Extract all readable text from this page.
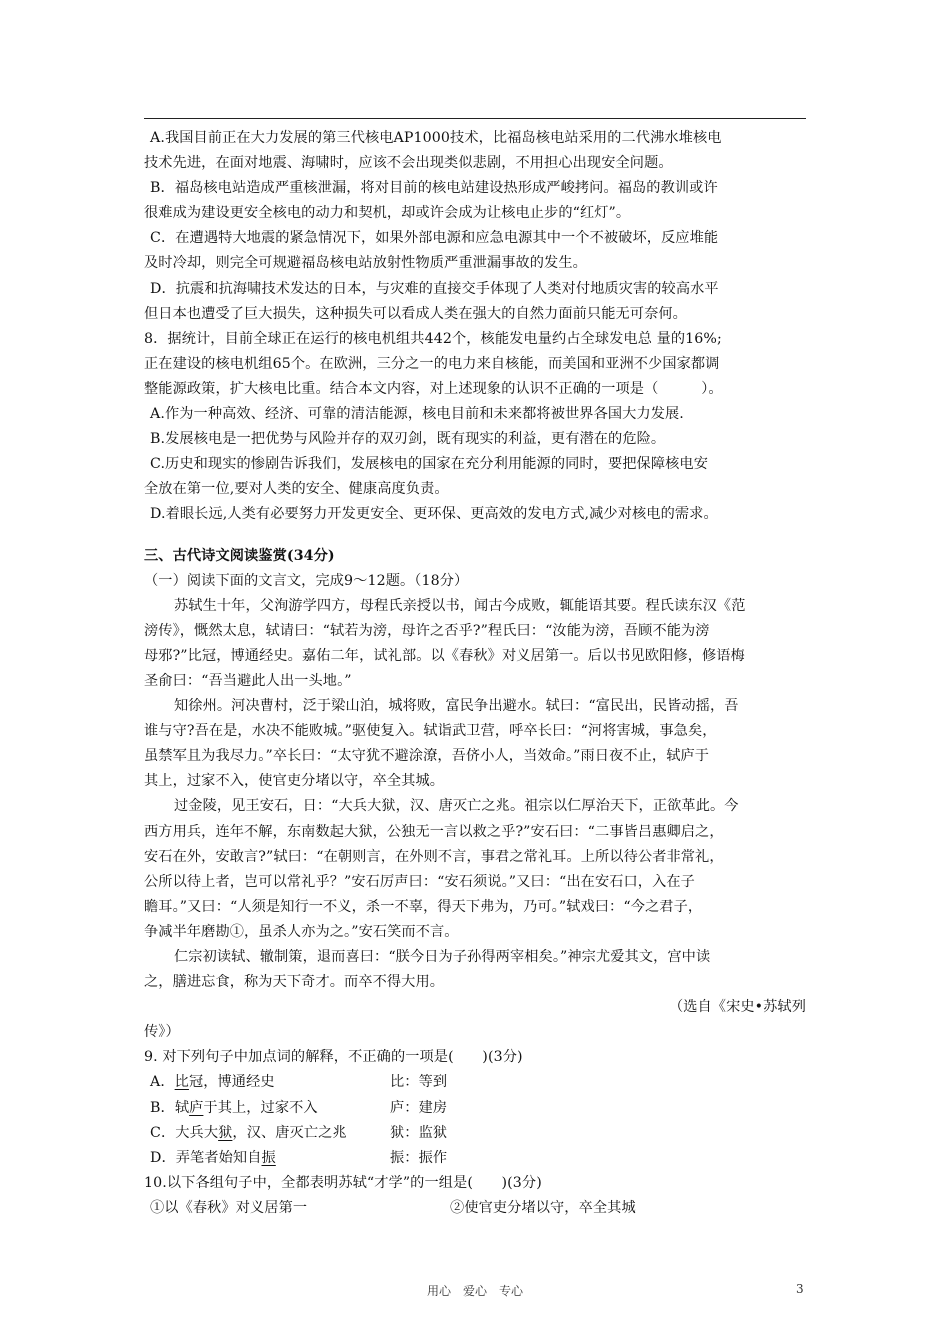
A.我国目前正在大力发展的第三代核电AP1000技术，比福岛核电站采用的二代沸水堆核电
技术先进，在面对地震、海啸时，应该不会出现类似悲剧，不用担心出现安全问题。
B．福岛核电站造成严重核泄漏，将对目前的核电站建设热形成严峻拷问。福岛的教训或许
很难成为建设更安全核电的动力和契机，却或许会成为让核电止步的“红灯”。
C．在遭遇特大地震的紧急情况下，如果外部电源和应急电源其中一个不被破坏，反应堆能
及时冷却，则完全可规避福岛核电站放射性物质严重泄漏事故的发生。
D．抗震和抗海啸技术发达的日本，与灾难的直接交手体现了人类对付地质灾害的较高水平
但日本也遭受了巨大损失，这种损失可以看成人类在强大的自然力面前只能无可奈何。
8．据统计，目前全球正在运行的核电机组共442个，核能发电量约占全球发电总 量的16%;
正在建设的核电机组65个。在欧洲，三分之一的电力来自核能，而美国和亚洲不少国家都调
整能源政策，扩大核电比重。结合本文内容，对上述现象的认识不正确的一项是（　　　）。
A.作为一种高效、经济、可靠的清洁能源，核电目前和未来都将被世界各国大力发展.
B.发展核电是一把优势与风险并存的双刃剑，既有现实的利益，更有潜在的危险。
C.历史和现实的惨剧告诉我们，发展核电的国家在充分利用能源的同时，要把保障核电安
全放在第一位,要对人类的安全、健康高度负责。
D.着眼长远,人类有必要努力开发更安全、更环保、更高效的发电方式,减少对核电的需求。
三、古代诗文阅读鉴赏(34分)
（一）阅读下面的文言文，完成9～12题。（18分）
苏轼生十年，父洵游学四方，母程氏亲授以书，闻古今成败，辄能语其要。程氏读东汉《范
滂传》，慨然太息，轼请曰：“轼若为滂，母许之否乎?”程氏曰：“汝能为滂，吾顾不能为滂
母邪?”比冠，博通经史。嘉佑二年，试礼部。以《春秋》对义居第一。后以书见欧阳修，修语梅
圣俞曰：“吾当避此人出一头地。”
知徐州。河决曹村，泛于梁山泊，城将败，富民争出避水。轼曰：“富民出，民皆动摇，吾
谁与守?吾在是，水决不能败城。”驱使复入。轼诣武卫营，呼卒长曰：“河将害城，事急矣，
虽禁军且为我尽力。”卒长曰：“太守犹不避涂潦，吾侪小人，当效命。”雨日夜不止，轼庐于
其上，过家不入，使官吏分堵以守，卒全其城。
过金陵，见王安石，日：“大兵大狱，汉、唐灭亡之兆。祖宗以仁厚治天下，正欲革此。今
西方用兵，连年不解，东南数起大狱，公独无一言以救之乎?”安石曰：“二事皆吕惠卿启之，
安石在外，安敢言?”轼曰：“在朝则言，在外则不言，事君之常礼耳。上所以待公者非常礼，
公所以待上者，岂可以常礼乎？”安石厉声曰：“安石须说。”又曰：“出在安石口，入在子
瞻耳。”又曰：“人须是知行一不义，杀一不辜，得天下弗为，乃可。”轼戏曰：“今之君子，
争减半年磨勘①，虽杀人亦为之。”安石笑而不言。
仁宗初读轼、辙制策，退而喜曰：“朕今日为子孙得两宰相矣。”神宗尤爱其文，宫中读
之，膳进忘食，称为天下奇才。而卒不得大用。
（选自《宋史•苏轼列
传》）
9. 对下列句子中加点词的解释，不正确的一项是(　　)(3分)
A．比冠，博通经史	比：等到
B．轼庐于其上，过家不入	庐：建房
C．大兵大狱，汉、唐灭亡之兆	狱：监狱
D．弄笔者始知自振	振：振作
10.以下各组句子中，全都表明苏轼“才学”的一组是(　　)(3分)
①以《春秋》对义居第一	②使官吏分堵以守，卒全其城
用心　爱心　专心	3
